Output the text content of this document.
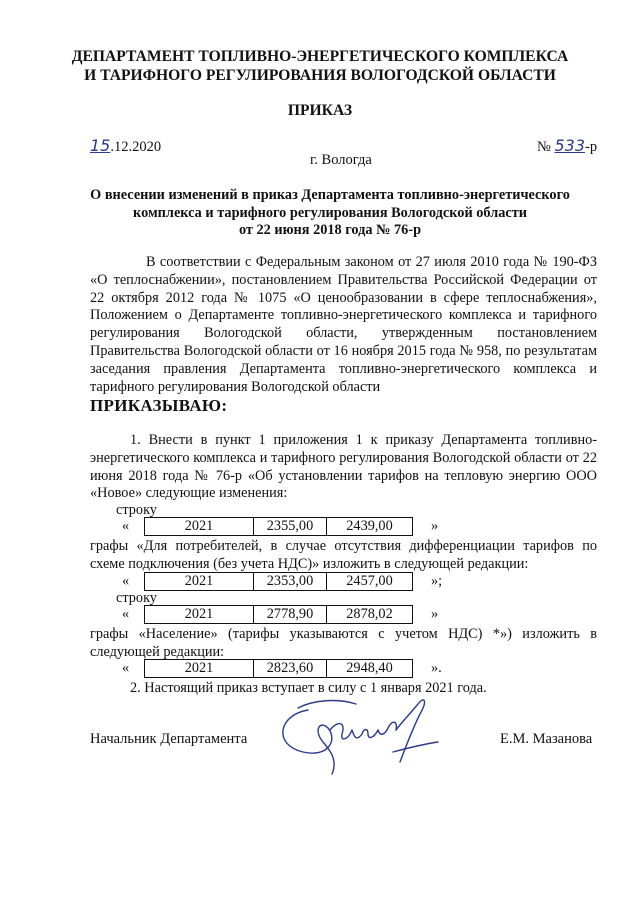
ДЕПАРТАМЕНТ ТОПЛИВНО-ЭНЕРГЕТИЧЕСКОГО КОМПЛЕКСА
И ТАРИФНОГО РЕГУЛИРОВАНИЯ ВОЛОГОДСКОЙ ОБЛАСТИ
ПРИКАЗ
15.12.2020	№ 533-р
г. Вологда
О внесении изменений в приказ Департамента топливно-энергетического
комплекса и тарифного регулирования Вологодской области
от 22 июня 2018 года № 76-р
В соответствии с Федеральным законом от 27 июля 2010 года № 190-ФЗ «О теплоснабжении», постановлением Правительства Российской Федерации от 22 октября 2012 года № 1075 «О ценообразовании в сфере теплоснабжения», Положением о Департаменте топливно-энергетического комплекса и тарифного регулирования Вологодской области, утвержденным постановлением Правительства Вологодской области от 16 ноября 2015 года № 958, по результатам заседания правления Департамента топливно-энергетического комплекса и тарифного регулирования Вологодской области
ПРИКАЗЫВАЮ:
1. Внести в пункт 1 приложения 1 к приказу Департамента топливно-энергетического комплекса и тарифного регулирования Вологодской области от 22 июня 2018 года № 76-р «Об установлении тарифов на тепловую энергию ООО «Новое» следующие изменения:
строку
«	2021	2355,00	2439,00	»
графы «Для потребителей, в случае отсутствия дифференциации тарифов по схеме подключения (без учета НДС)» изложить в следующей редакции:
«	2021	2353,00	2457,00	»;
строку
«	2021	2778,90	2878,02	»
графы «Население» (тарифы указываются с учетом НДС) *») изложить в следующей редакции:
«	2021	2823,60	2948,40	».
2. Настоящий приказ вступает в силу с 1 января 2021 года.
Начальник Департамента	Е.М. Мазанова
